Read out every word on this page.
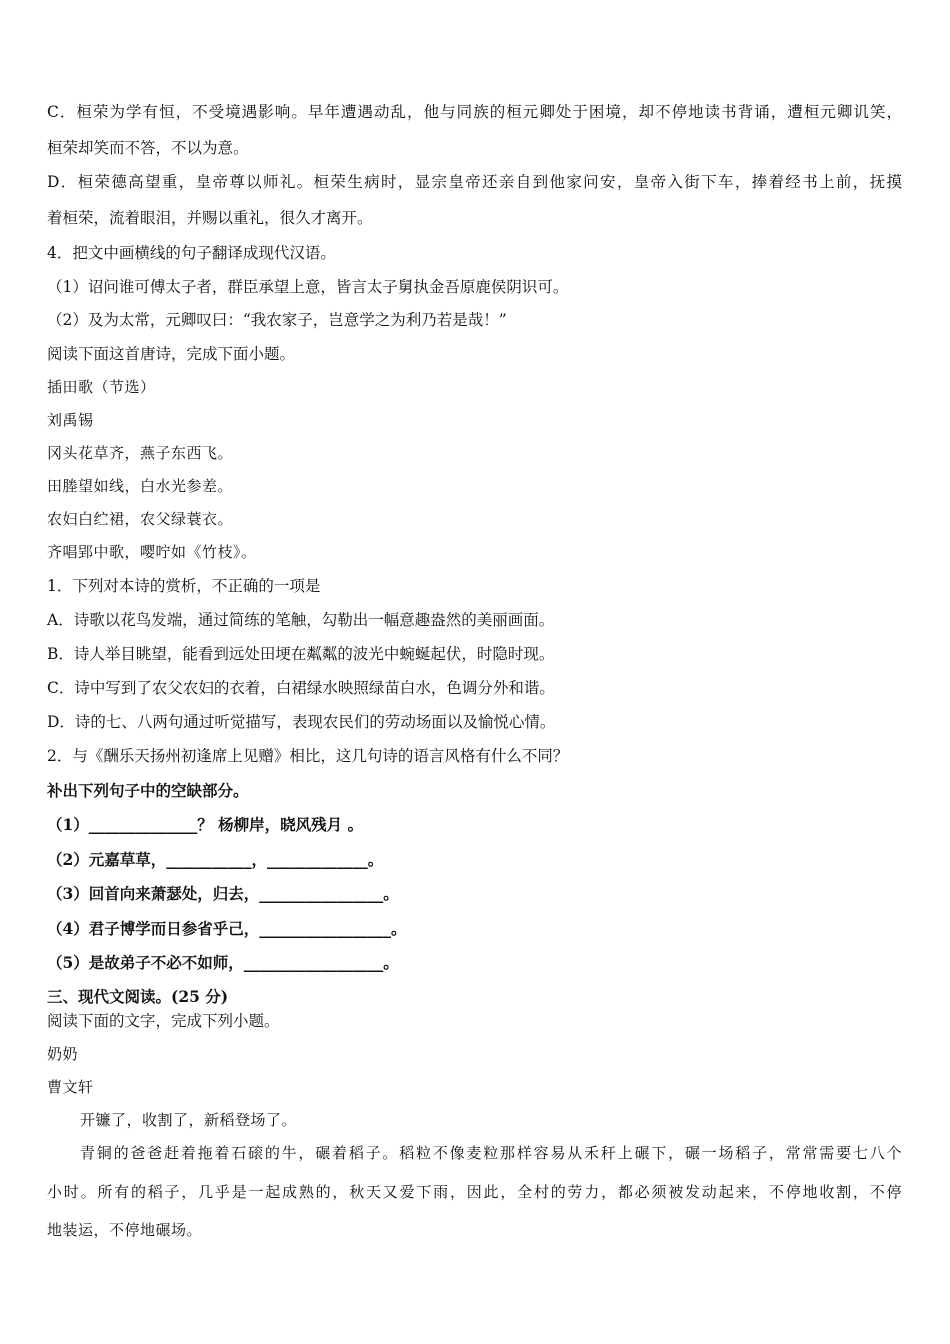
C．桓荣为学有恒，不受境遇影响。早年遭遇动乱，他与同族的桓元卿处于困境，却不停地读书背诵，遭桓元卿讥笑，
桓荣却笑而不答，不以为意。
D．桓荣德高望重，皇帝尊以师礼。桓荣生病时，显宗皇帝还亲自到他家问安，皇帝入街下车，捧着经书上前，抚摸
着桓荣，流着眼泪，并赐以重礼，很久才离开。
4．把文中画横线的句子翻译成现代汉语。
（1）诏问谁可傅太子者，群臣承望上意，皆言太子舅执金吾原鹿侯阴识可。
（2）及为太常，元卿叹曰：“我农家子，岂意学之为利乃若是哉！”
阅读下面这首唐诗，完成下面小题。
插田歌（节选）
刘禹锡
冈头花草齐，燕子东西飞。
田塍望如线，白水光参差。
农妇白纻裙，农父绿蓑衣。
齐唱郢中歌，嘤咛如《竹枝》。
1．下列对本诗的赏析，不正确的一项是
A．诗歌以花鸟发端，通过简练的笔触，勾勒出一幅意趣盎然的美丽画面。
B．诗人举目眺望，能看到远处田埂在粼粼的波光中蜿蜒起伏，时隐时现。
C．诗中写到了农父农妇的衣着，白裙绿水映照绿苗白水，色调分外和谐。
D．诗的七、八两句通过听觉描写，表现农民们的劳动场面以及愉悦心情。
2．与《酬乐天扬州初逢席上见赠》相比，这几句诗的语言风格有什么不同？
补出下列句子中的空缺部分。
（1）______________？ 杨柳岸，晓风残月 。
（2）元嘉草草，___________，_____________。
（3）回首向来萧瑟处，归去，________________。
（4）君子博学而日参省乎己，_________________。
（5）是故弟子不必不如师，__________________。
三、现代文阅读。(25 分)
阅读下面的文字，完成下列小题。
奶奶
曹文轩
开镰了，收割了，新稻登场了。
青铜的爸爸赶着拖着石磙的牛，碾着稻子。稻粒不像麦粒那样容易从禾秆上碾下，碾一场稻子，常常需要七八个
小时。所有的稻子，几乎是一起成熟的，秋天又爱下雨，因此，全村的劳力，都必须被发动起来，不停地收割，不停
地装运，不停地碾场。
